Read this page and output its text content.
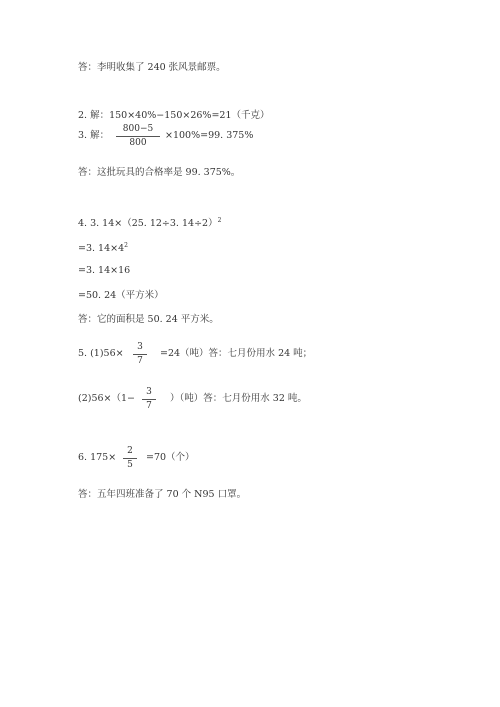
答：李明收集了 240 张风景邮票。
2. 解：150×40%−150×26%=21（千克）
3. 解：
800−5
800
×100%=99. 375%
答：这批玩具的合格率是 99. 375%。
4. 3. 14×（25. 12÷3. 14÷2）$^2$
=3. $14\times 4^2$
=3. 14×16
=50. 24（平方米）
答：它的面积是 50. 24 平方米。
5. (1)56×
3
7
=24（吨）答：七月份用水 24 吨；
(2)56×（1−
3
7
）（吨）答：七月份用水 32 吨。
6. 175×
2
5
=70（个）
答：五年四班准备了 70 个 N95 口罩。
